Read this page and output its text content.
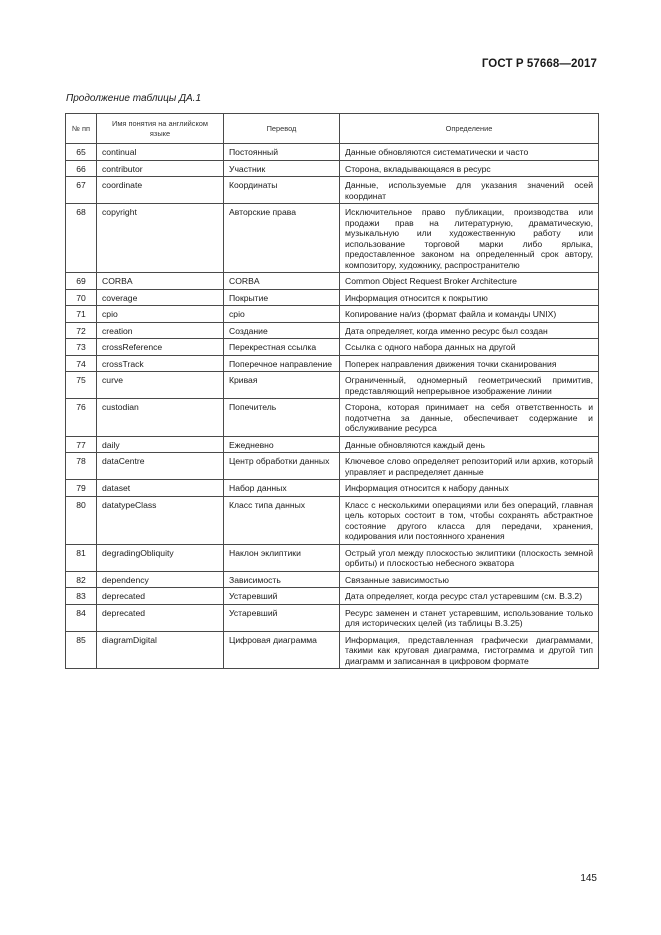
ГОСТ Р 57668—2017
Продолжение таблицы ДА.1
№ пп	Имя понятия на английском языке	Перевод	Определение
65	continual	Постоянный	Данные обновляются систематически и часто
66	contributor	Участник	Сторона, вкладывающаяся в ресурс
67	coordinate	Координаты	Данные, используемые для указания значений осей координат
68	copyright	Авторские права	Исключительное право публикации, производства или продажи прав на литературную, драматическую, музыкальную или художественную работу или использование торговой марки либо ярлыка, предоставленное законом на определенный срок автору, композитору, художнику, распространителю
69	CORBA	CORBA	Common Object Request Broker Architecture
70	coverage	Покрытие	Информация относится к покрытию
71	cpio	cpio	Копирование на/из (формат файла и команды UNIX)
72	creation	Создание	Дата определяет, когда именно ресурс был создан
73	crossReference	Перекрестная ссылка	Ссылка с одного набора данных на другой
74	crossTrack	Поперечное направление	Поперек направления движения точки сканирования
75	curve	Кривая	Ограниченный, одномерный геометрический примитив, представляющий непрерывное изображение линии
76	custodian	Попечитель	Сторона, которая принимает на себя ответственность и подотчетна за данные, обеспечивает содержание и обслуживание ресурса
77	daily	Ежедневно	Данные обновляются каждый день
78	dataCentre	Центр обработки данных	Ключевое слово определяет репозиторий или архив, который управляет и распределяет данные
79	dataset	Набор данных	Информация относится к набору данных
80	datatypeClass	Класс типа данных	Класс с несколькими операциями или без операций, главная цель которых состоит в том, чтобы сохранять абстрактное состояние другого класса для передачи, хранения, кодирования или постоянного хранения
81	degradingObliquity	Наклон эклиптики	Острый угол между плоскостью эклиптики (плоскость земной орбиты) и плоскостью небесного экватора
82	dependency	Зависимость	Связанные зависимостью
83	deprecated	Устаревший	Дата определяет, когда ресурс стал устаревшим (см. В.3.2)
84	deprecated	Устаревший	Ресурс заменен и станет устаревшим, использование только для исторических целей (из таблицы В.3.25)
85	diagramDigital	Цифровая диаграмма	Информация, представленная графически диаграммами, такими как круговая диаграмма, гистограмма и другой тип диаграмм и записанная в цифровом формате
145
